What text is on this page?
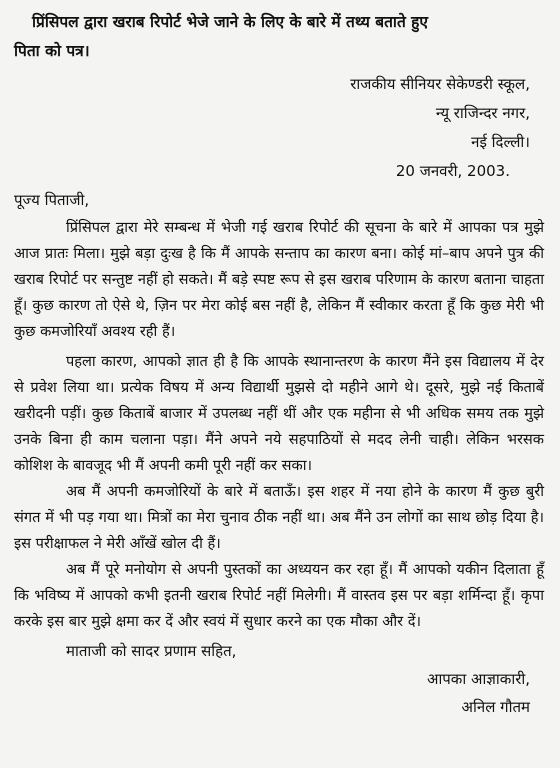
प्रिंसिपल द्वारा खराब रिपोर्ट भेजे जाने के लिए के बारे में तथ्य बताते हुए
पिता को पत्र।
राजकीय सीनियर सेकेण्डरी स्कूल,
न्यू राजिन्दर नगर,
नई दिल्ली।
20 जनवरी, 2003.
पूज्य पिताजी,

प्रिंसिपल द्वारा मेरे सम्बन्ध में भेजी गई खराब रिपोर्ट की सूचना के बारे में आपका पत्र मुझे आज प्रातः मिला। मुझे बड़ा दुःख है कि मैं आपके सन्ताप का कारण बना। कोई मां–बाप अपने पुत्र की खराब रिपोर्ट पर सन्तुष्ट नहीं हो सकते। मैं बड़े स्पष्ट रूप से इस खराब परिणाम के कारण बताना चाहता हूँ। कुछ कारण तो ऐसे थे, ज़िन पर मेरा कोई बस नहीं है, लेकिन मैं स्वीकार करता हूँ कि कुछ मेरी भी कुछ कमजोरियाँ अवश्य रही हैं।

पहला कारण, आपको ज्ञात ही है कि आपके स्थानान्तरण के कारण मैंने इस विद्यालय में देर से प्रवेश लिया था। प्रत्येक विषय में अन्य विद्यार्थी मुझसे दो महीने आगे थे। दूसरे, मुझे नई किताबें खरीदनी पड़ीं। कुछ किताबें बाजार में उपलब्ध नहीं थीं और एक महीना से भी अधिक समय तक मुझे उनके बिना ही काम चलाना पड़ा। मैंने अपने नये सहपाठियों से मदद लेनी चाही। लेकिन भरसक कोशिश के बावजूद भी मैं अपनी कमी पूरी नहीं कर सका।

अब मैं अपनी कमजोरियों के बारे में बताऊँ। इस शहर में नया होने के कारण मैं कुछ बुरी संगत में भी पड़ गया था। मित्रों का मेरा चुनाव ठीक नहीं था। अब मैंने उन लोगों का साथ छोड़ दिया है। इस परीक्षाफल ने मेरी आँखें खोल दी हैं।

अब मैं पूरे मनोयोग से अपनी पुस्तकों का अध्ययन कर रहा हूँ। मैं आपको यकीन दिलाता हूँ कि भविष्य में आपको कभी इतनी खराब रिपोर्ट नहीं मिलेगी। मैं वास्तव इस पर बड़ा शर्मिन्दा हूँ। कृपा करके इस बार मुझे क्षमा कर दें और स्वयं में सुधार करने का एक मौका और दें।

माताजी को सादर प्रणाम सहित,
आपका आज्ञाकारी,
अनिल गौतम
